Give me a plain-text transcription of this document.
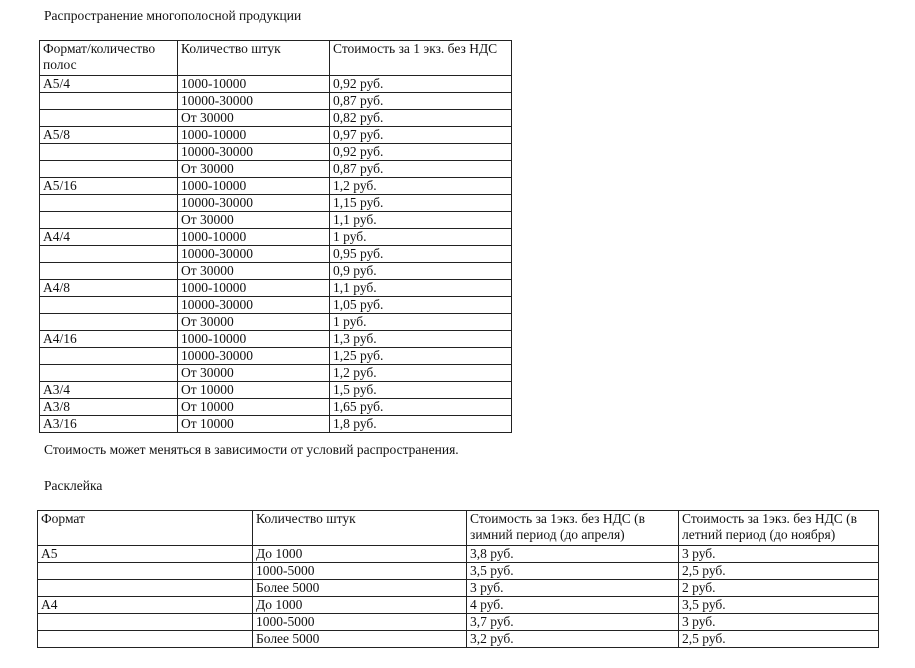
Распространение многополосной продукции
Формат/количество полос	Количество штук	Стоимость за 1 экз. без НДС
А5/4	1000-10000	0,92 руб.
	10000-30000	0,87 руб.
	От 30000	0,82 руб.
А5/8	1000-10000	0,97 руб.
	10000-30000	0,92 руб.
	От 30000	0,87 руб.
А5/16	1000-10000	1,2 руб.
	10000-30000	1,15 руб.
	От 30000	1,1 руб.
А4/4	1000-10000	1 руб.
	10000-30000	0,95 руб.
	От 30000	0,9 руб.
А4/8	1000-10000	1,1 руб.
	10000-30000	1,05 руб.
	От 30000	1 руб.
А4/16	1000-10000	1,3 руб.
	10000-30000	1,25 руб.
	От 30000	1,2 руб.
А3/4	От 10000	1,5 руб.
А3/8	От 10000	1,65 руб.
А3/16	От 10000	1,8 руб.
Стоимость может меняться в зависимости от условий распространения.
Расклейка
Формат	Количество штук	Стоимость за 1экз. без НДС (в зимний период (до апреля)	Стоимость за 1экз. без НДС (в летний период (до ноября)
А5	До 1000	3,8 руб.	3 руб.
	1000-5000	3,5 руб.	2,5 руб.
	Более 5000	3 руб.	2 руб.
А4	До 1000	4 руб.	3,5 руб.
	1000-5000	3,7 руб.	3 руб.
	Более 5000	3,2 руб.	2,5 руб.
